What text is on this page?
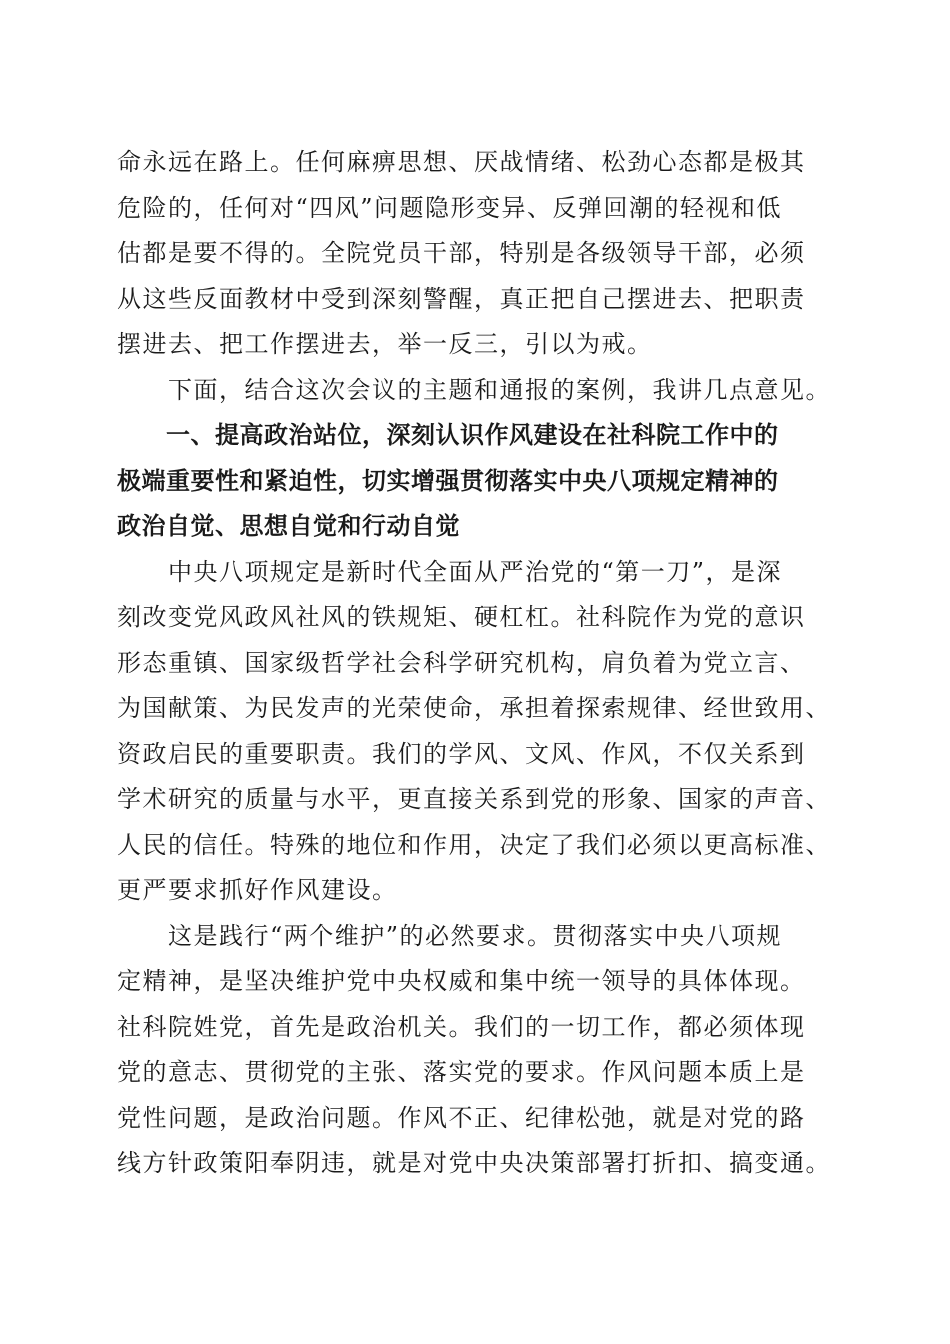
命永远在路上。任何麻痹思想、厌战情绪、松劲心态都是极其
危险的，任何对“四风”问题隐形变异、反弹回潮的轻视和低
估都是要不得的。全院党员干部，特别是各级领导干部，必须
从这些反面教材中受到深刻警醒，真正把自己摆进去、把职责
摆进去、把工作摆进去，举一反三，引以为戒。
　　下面，结合这次会议的主题和通报的案例，我讲几点意见。
　　一、提高政治站位，深刻认识作风建设在社科院工作中的
极端重要性和紧迫性，切实增强贯彻落实中央八项规定精神的
政治自觉、思想自觉和行动自觉
　　中央八项规定是新时代全面从严治党的“第一刀”，是深
刻改变党风政风社风的铁规矩、硬杠杠。社科院作为党的意识
形态重镇、国家级哲学社会科学研究机构，肩负着为党立言、
为国献策、为民发声的光荣使命，承担着探索规律、经世致用、
资政启民的重要职责。我们的学风、文风、作风，不仅关系到
学术研究的质量与水平，更直接关系到党的形象、国家的声音、
人民的信任。特殊的地位和作用，决定了我们必须以更高标准、
更严要求抓好作风建设。
　　这是践行“两个维护”的必然要求。贯彻落实中央八项规
定精神，是坚决维护党中央权威和集中统一领导的具体体现。
社科院姓党，首先是政治机关。我们的一切工作，都必须体现
党的意志、贯彻党的主张、落实党的要求。作风问题本质上是
党性问题，是政治问题。作风不正、纪律松弛，就是对党的路
线方针政策阳奉阴违，就是对党中央决策部署打折扣、搞变通。
